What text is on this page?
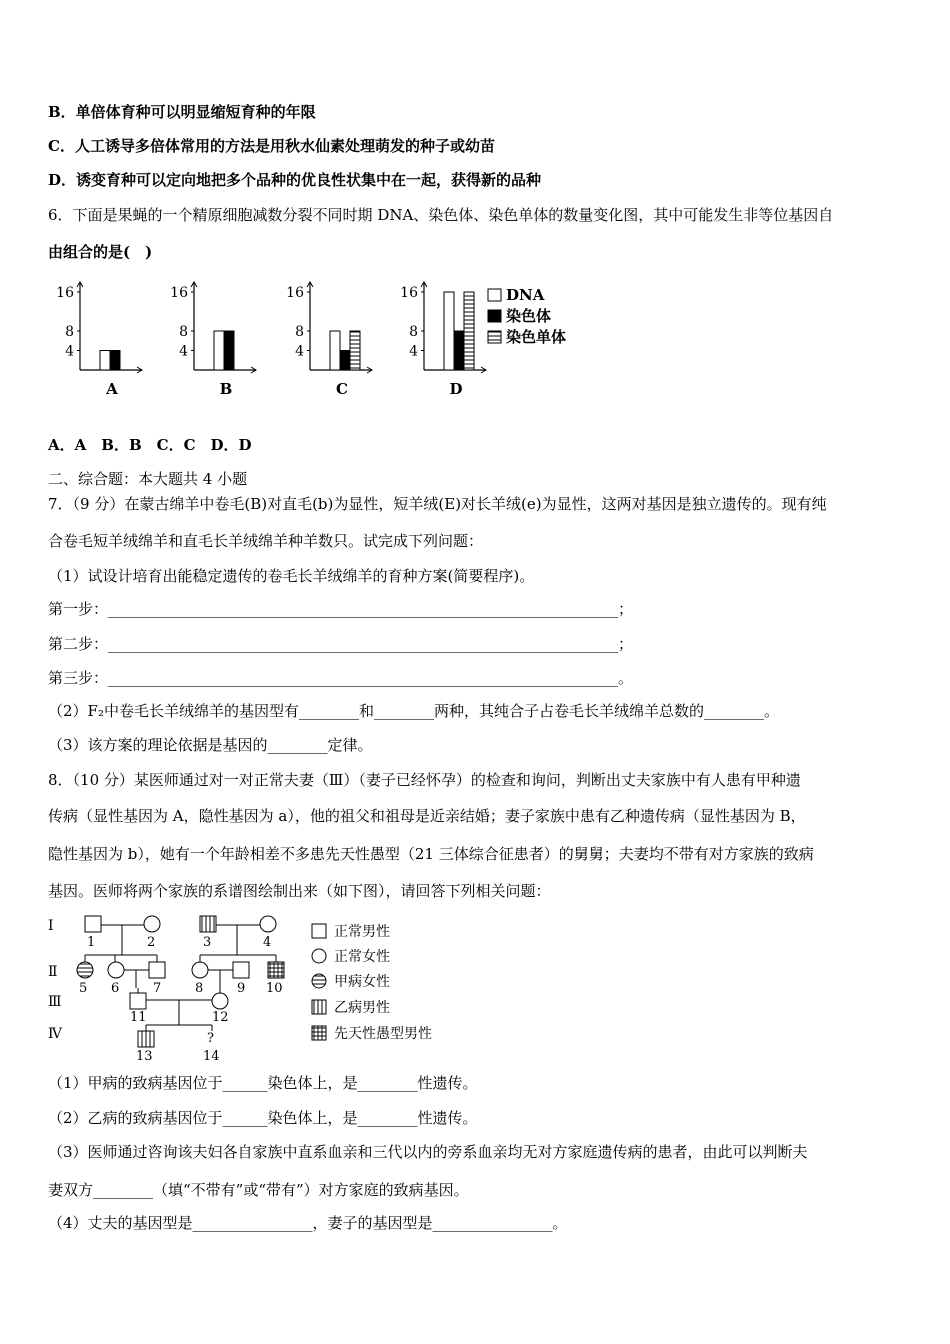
B．单倍体育种可以明显缩短育种的年限
C．人工诱导多倍体常用的方法是用秋水仙素处理萌发的种子或幼苗
D．诱变育种可以定向地把多个品种的优良性状集中在一起，获得新的品种
6．下面是果蝇的一个精原细胞减数分裂不同时期 DNA、染色体、染色单体的数量变化图，其中可能发生非等位基因自
由组合的是(　)
16
8
4
A
16
8
4
B
16
8
4
C
16
8
4
D
DNA
染色体
染色单体
A．A　B．B　C．C　D．D
二、综合题：本大题共 4 小题
7．（9 分）在蒙古绵羊中卷毛(B)对直毛(b)为显性，短羊绒(E)对长羊绒(e)为显性，这两对基因是独立遗传的。现有纯
合卷毛短羊绒绵羊和直毛长羊绒绵羊种羊数只。试完成下列问题：
（1）试设计培育出能稳定遗传的卷毛长羊绒绵羊的育种方案(简要程序)。
第一步：____________________________________________________________________；
第二步：____________________________________________________________________；
第三步：____________________________________________________________________。
（2）F₂中卷毛长羊绒绵羊的基因型有________和________两种，其纯合子占卷毛长羊绒绵羊总数的________。
（3）该方案的理论依据是基因的________定律。
8．（10 分）某医师通过对一对正常夫妻（Ⅲ）（妻子已经怀孕）的检查和询问，判断出丈夫家族中有人患有甲种遗
传病（显性基因为 A，隐性基因为 a），他的祖父和祖母是近亲结婚；妻子家族中患有乙种遗传病（显性基因为 B，
隐性基因为 b），她有一个年龄相差不多患先天性愚型（21 三体综合征患者）的舅舅；夫妻均不带有对方家族的致病
基因。医师将两个家族的系谱图绘制出来（如下图），请回答下列相关问题：
Ⅰ
Ⅱ
Ⅲ
Ⅳ
1	2	3	4
5 6	7	8	9 10
11	12
13	14
?
正常男性
正常女性
甲病女性
乙病男性
先天性愚型男性
（1）甲病的致病基因位于______染色体上，是________性遗传。
（2）乙病的致病基因位于______染色体上，是________性遗传。
（3）医师通过咨询该夫妇各自家族中直系血亲和三代以内的旁系血亲均无对方家庭遗传病的患者，由此可以判断夫
妻双方________（填“不带有”或“带有”）对方家庭的致病基因。
（4）丈夫的基因型是________________，妻子的基因型是________________。
